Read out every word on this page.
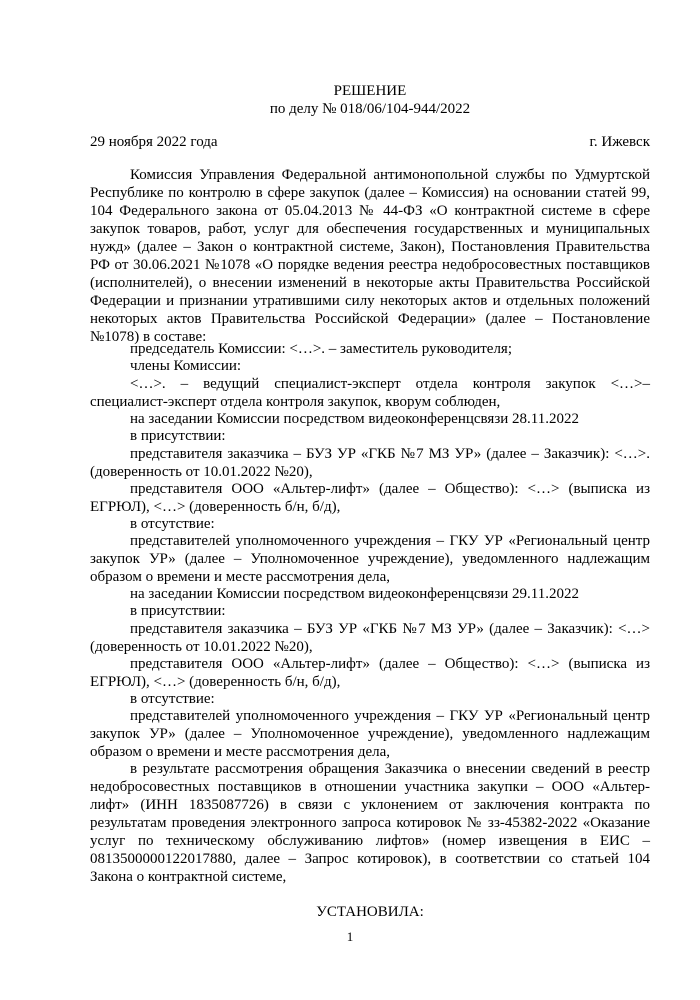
РЕШЕНИЕ

по делу № 018/06/104-944/2022

29 ноября 2022 года	г. Ижевск

Комиссия Управления Федеральной антимонопольной службы по Удмуртской Республике по контролю в сфере закупок (далее – Комиссия) на основании статей 99, 104 Федерального закона от 05.04.2013 № 44-ФЗ «О контрактной системе в сфере закупок товаров, работ, услуг для обеспечения государственных и муниципальных нужд» (далее – Закон о контрактной системе, Закон), Постановления Правительства РФ от 30.06.2021 №1078 «О порядке ведения реестра недобросовестных поставщиков (исполнителей), о внесении изменений в некоторые акты Правительства Российской Федерации и признании утратившими силу некоторых актов и отдельных положений некоторых актов Правительства Российской Федерации» (далее – Постановление №1078) в составе:

председатель Комиссии: <…>. – заместитель руководителя;

члены Комиссии:

<…>. – ведущий специалист-эксперт отдела контроля закупок <…>– специалист-эксперт отдела контроля закупок, кворум соблюден,

на заседании Комиссии посредством видеоконференцсвязи 28.11.2022

в присутствии:

представителя заказчика – БУЗ УР «ГКБ №7 МЗ УР» (далее – Заказчик): <…>. (доверенность от 10.01.2022 №20),

представителя ООО «Альтер-лифт» (далее – Общество): <…> (выписка из ЕГРЮЛ), <…> (доверенность б/н, б/д),

в отсутствие:

представителей уполномоченного учреждения – ГКУ УР «Региональный центр закупок УР» (далее – Уполномоченное учреждение), уведомленного надлежащим образом о времени и месте рассмотрения дела,

на заседании Комиссии посредством видеоконференцсвязи 29.11.2022

в присутствии:

представителя заказчика – БУЗ УР «ГКБ №7 МЗ УР» (далее – Заказчик): <…> (доверенность от 10.01.2022 №20),

представителя ООО «Альтер-лифт» (далее – Общество): <…> (выписка из ЕГРЮЛ), <…> (доверенность б/н, б/д),

в отсутствие:

представителей уполномоченного учреждения – ГКУ УР «Региональный центр закупок УР» (далее – Уполномоченное учреждение), уведомленного надлежащим образом о времени и месте рассмотрения дела,

в результате рассмотрения обращения Заказчика о внесении сведений в реестр недобросовестных поставщиков в отношении участника закупки – ООО «Альтер-лифт» (ИНН 1835087726) в связи с уклонением от заключения контракта по результатам проведения электронного запроса котировок № зз-45382-2022 «Оказание услуг по техническому обслуживанию лифтов» (номер извещения в ЕИС – 0813500000122017880, далее – Запрос котировок), в соответствии со статьей 104 Закона о контрактной системе,

УСТАНОВИЛА:

1
